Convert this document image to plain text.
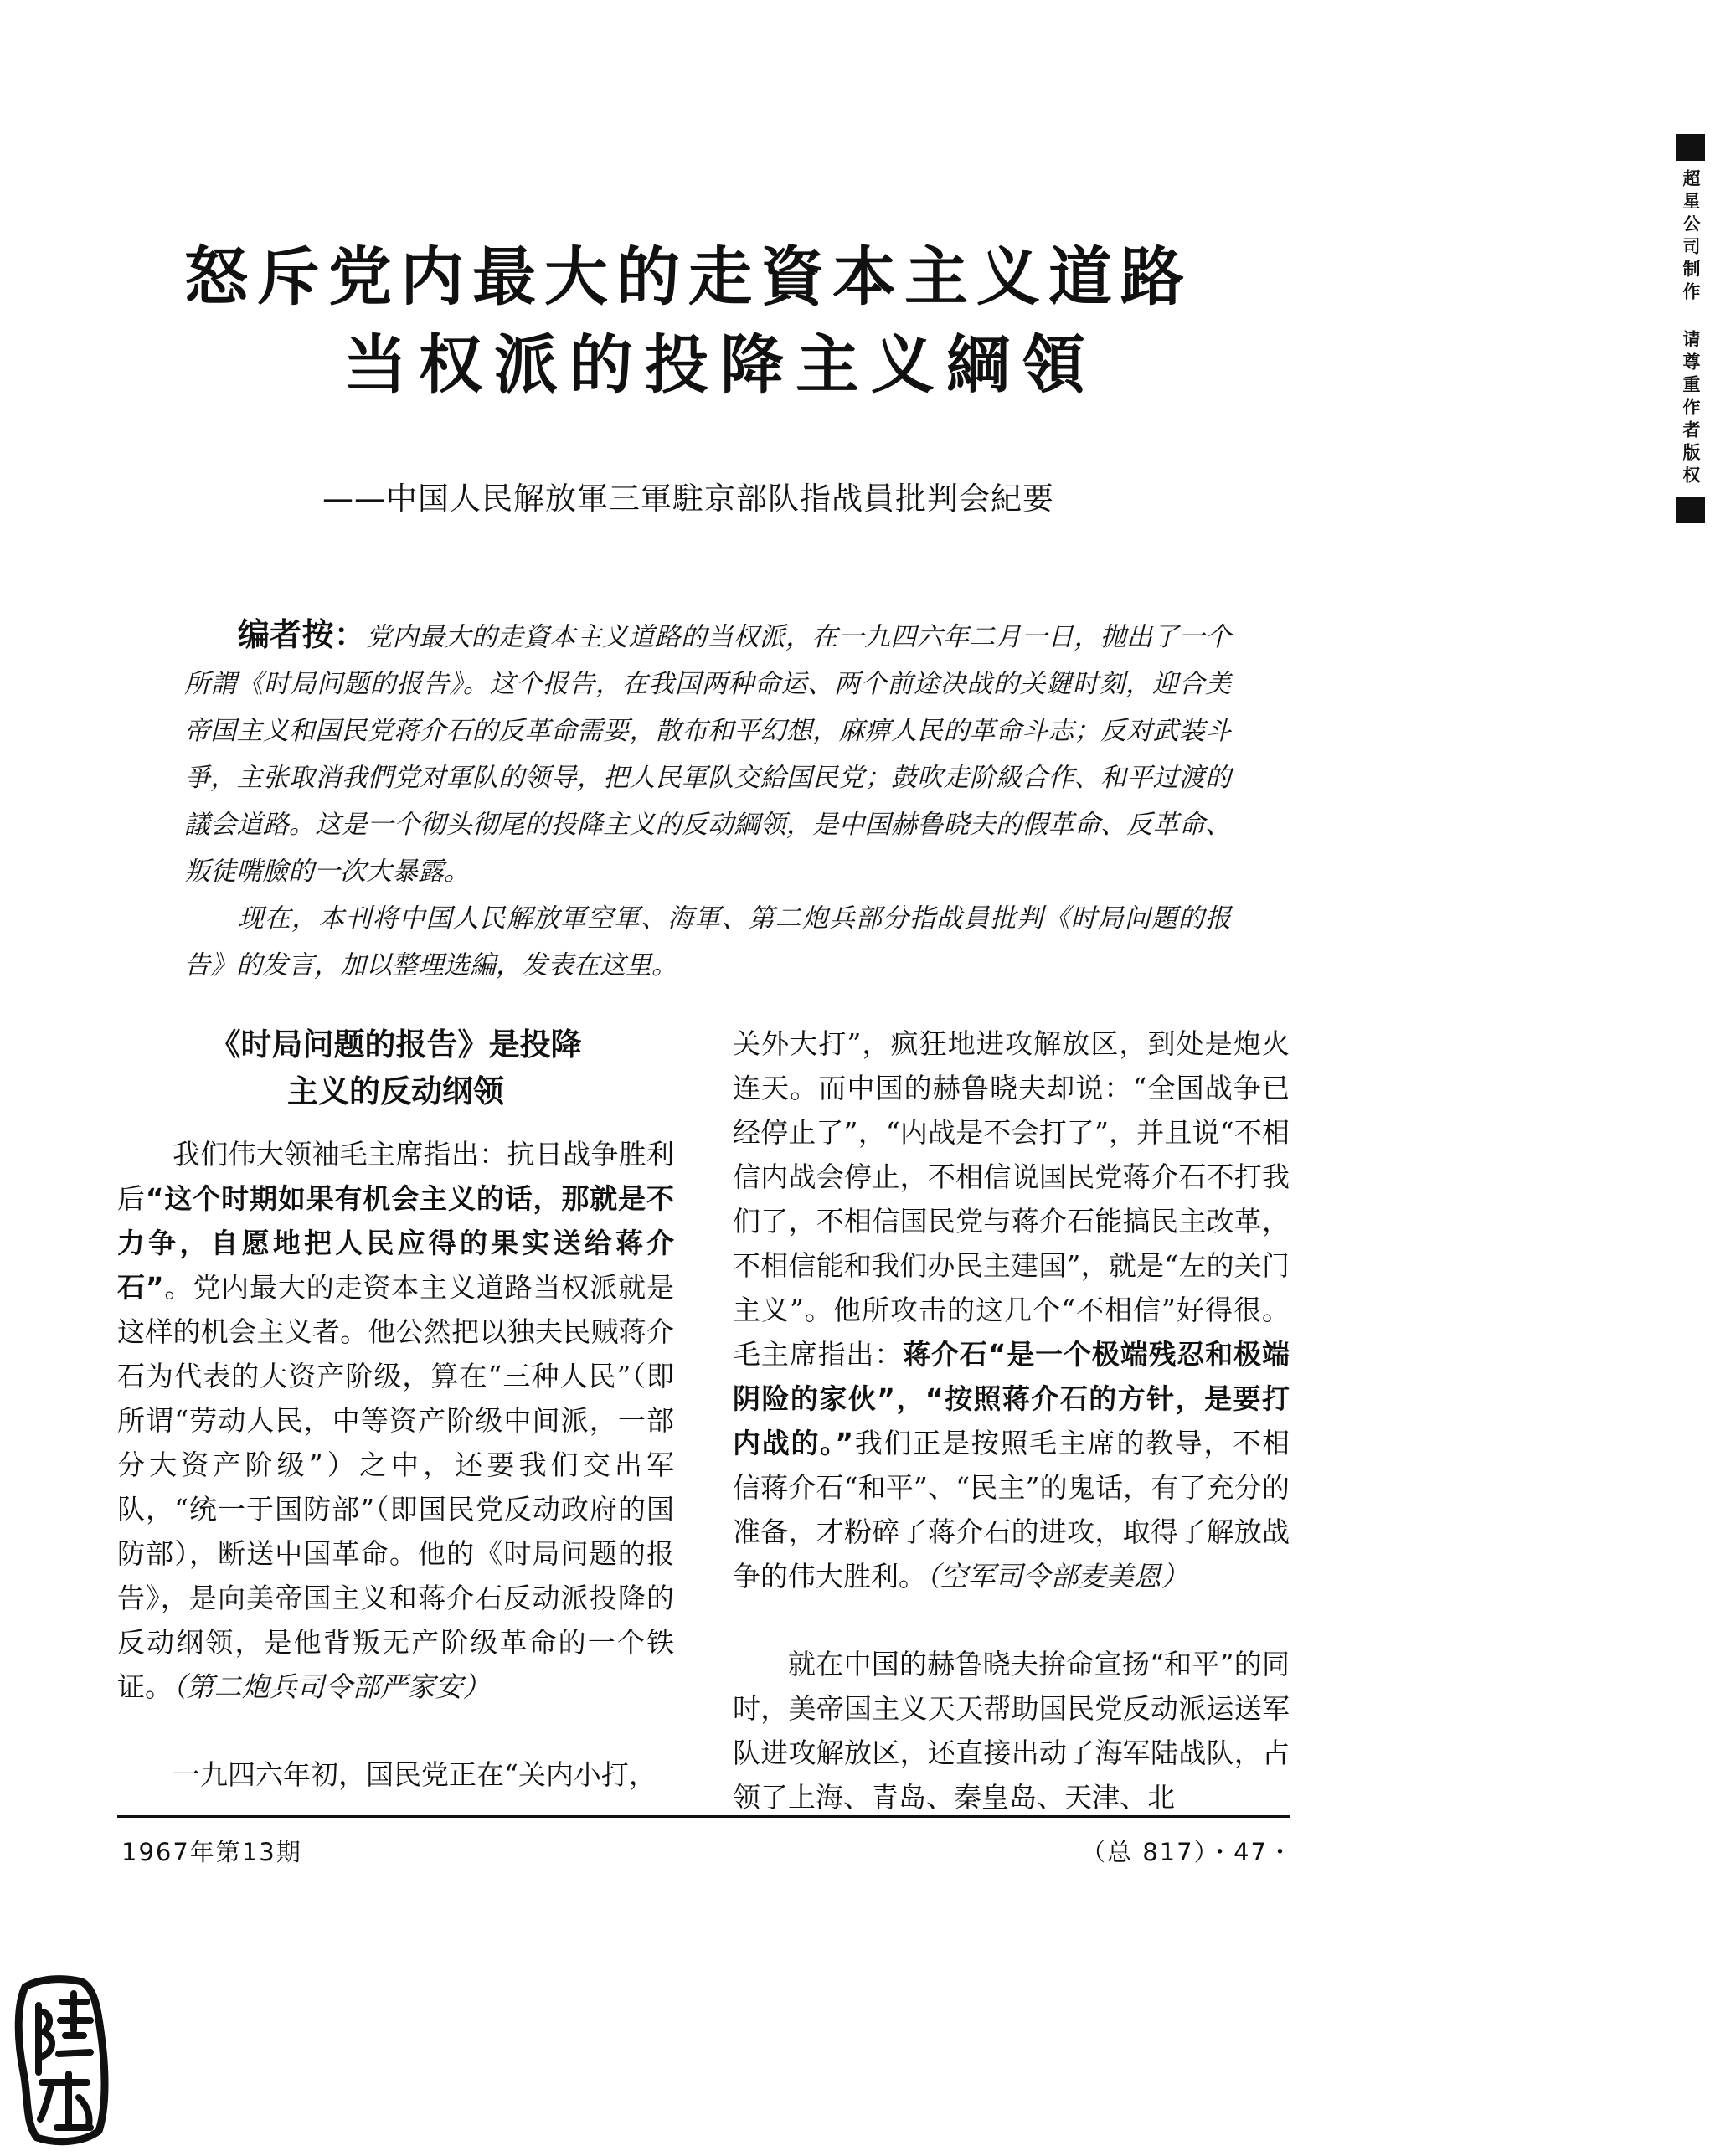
超星公司制作 请尊重作者版权
怒斥党内最大的走資本主义道路
当权派的投降主义綱領
——中国人民解放軍三軍駐京部队指战員批判会紀要

编者按：党内最大的走資本主义道路的当权派，在一九四六年二月一日，抛出了一个所謂《时局问题的报告》。这个报告，在我国两种命运、两个前途决战的关鍵时刻，迎合美帝国主义和国民党蒋介石的反革命需要，散布和平幻想，麻痹人民的革命斗志；反对武装斗爭，主张取消我們党对軍队的领导，把人民軍队交給国民党；鼓吹走阶級合作、和平过渡的議会道路。这是一个彻头彻尾的投降主义的反动綱领，是中国赫鲁晓夫的假革命、反革命、叛徒嘴臉的一次大暴露。

现在，本刊将中国人民解放軍空軍、海軍、第二炮兵部分指战員批判《时局问題的报告》的发言，加以整理选編，发表在这里。

《时局问题的报告》是投降
主义的反动纲领

我们伟大领袖毛主席指出：抗日战争胜利后“这个时期如果有机会主义的话，那就是不力争，自愿地把人民应得的果实送给蒋介石”。党内最大的走资本主义道路当权派就是这样的机会主义者。他公然把以独夫民贼蒋介石为代表的大资产阶级，算在“三种人民”（即所谓“劳动人民，中等资产阶级中间派，一部分大资产阶级”）之中，还要我们交出军队，“统一于国防部”（即国民党反动政府的国防部），断送中国革命。他的《时局问题的报告》，是向美帝国主义和蒋介石反动派投降的反动纲领，是他背叛无产阶级革命的一个铁证。（第二炮兵司令部严家安）

一九四六年初，国民党正在“关内小打，

关外大打”，疯狂地进攻解放区，到处是炮火连天。而中国的赫鲁晓夫却说：“全国战争已经停止了”，“内战是不会打了”，并且说“不相信内战会停止，不相信说国民党蒋介石不打我们了，不相信国民党与蒋介石能搞民主改革，不相信能和我们办民主建国”，就是“左的关门主义”。他所攻击的这几个“不相信”好得很。毛主席指出：蒋介石“是一个极端残忍和极端阴险的家伙”，“按照蒋介石的方针，是要打内战的。”我们正是按照毛主席的教导，不相信蒋介石“和平”、“民主”的鬼话，有了充分的准备，才粉碎了蒋介石的进攻，取得了解放战争的伟大胜利。（空军司令部麦美恩）

就在中国的赫鲁晓夫拚命宣扬“和平”的同时，美帝国主义天天帮助国民党反动派运送军队进攻解放区，还直接出动了海军陆战队，占领了上海、青岛、秦皇岛、天津、北

1967年第13期	（总 817）・47・
